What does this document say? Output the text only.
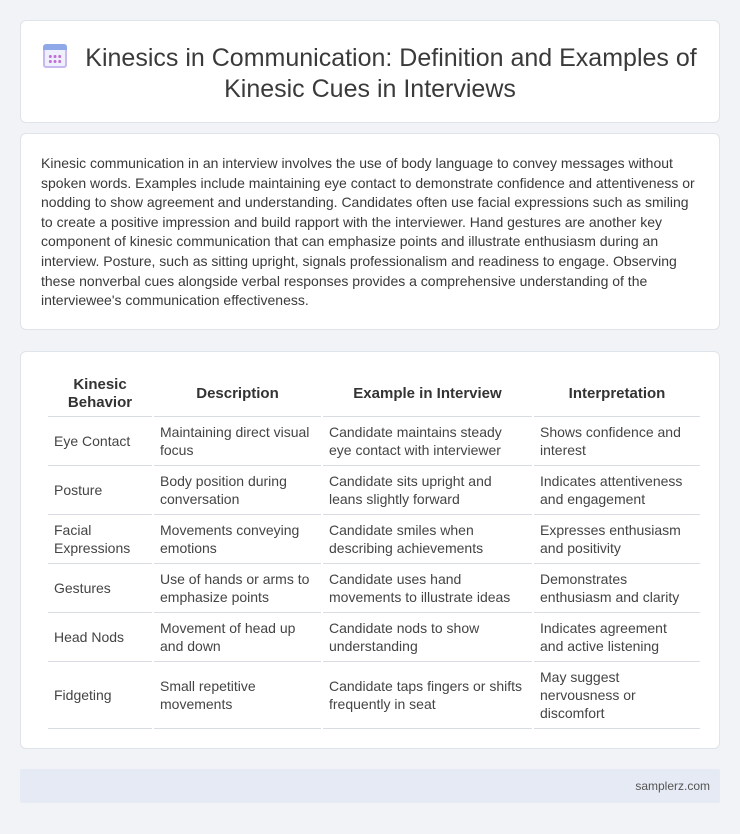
Kinesics in Communication: Definition and Examples of Kinesic Cues in Interviews

Kinesic communication in an interview involves the use of body language to convey messages without spoken words. Examples include maintaining eye contact to demonstrate confidence and attentiveness or nodding to show agreement and understanding. Candidates often use facial expressions such as smiling to create a positive impression and build rapport with the interviewer. Hand gestures are another key component of kinesic communication that can emphasize points and illustrate enthusiasm during an interview. Posture, such as sitting upright, signals professionalism and readiness to engage. Observing these nonverbal cues alongside verbal responses provides a comprehensive understanding of the interviewee's communication effectiveness.

Kinesic Behavior	Description	Example in Interview	Interpretation
Eye Contact	Maintaining direct visual focus	Candidate maintains steady eye contact with interviewer	Shows confidence and interest
Posture	Body position during conversation	Candidate sits upright and leans slightly forward	Indicates attentiveness and engagement
Facial Expressions	Movements conveying emotions	Candidate smiles when describing achievements	Expresses enthusiasm and positivity
Gestures	Use of hands or arms to emphasize points	Candidate uses hand movements to illustrate ideas	Demonstrates enthusiasm and clarity
Head Nods	Movement of head up and down	Candidate nods to show understanding	Indicates agreement and active listening
Fidgeting	Small repetitive movements	Candidate taps fingers or shifts frequently in seat	May suggest nervousness or discomfort
samplerz.com
